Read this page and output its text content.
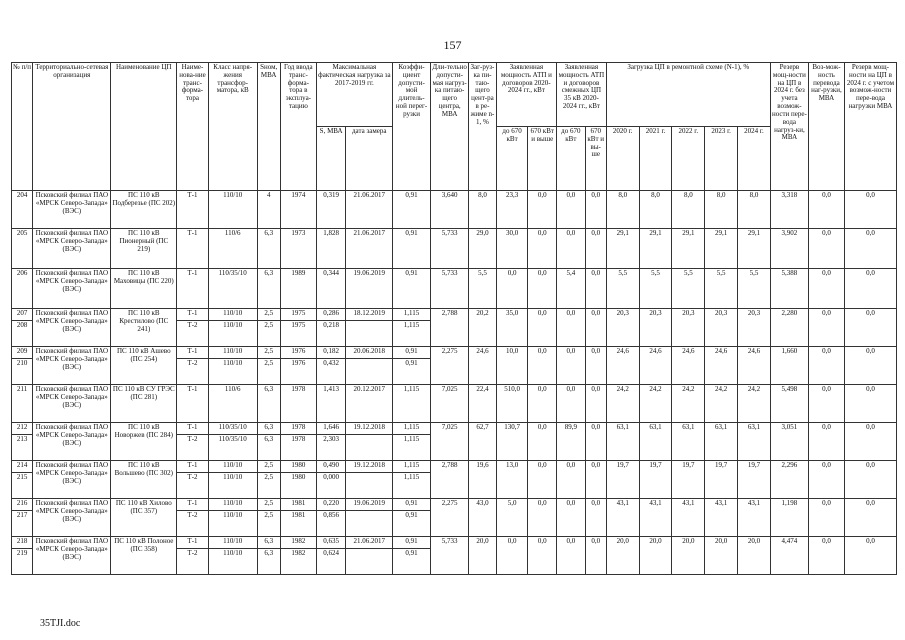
157
№ п/п	Территориально-сетевая организация	Наименование ЦП	Наиме-нова-ние транс-форма-тора	Класс напря-жения трансфор-матора, кВ	Sном, МВА	Год ввода транс-форма-тора в эксплуа-тацию	Максимальная фактическая нагрузка за 2017-2019 гг.		Коэффи-циент допусти-мой длитель-ной перег-рузки	Дли-тельно допусти-мая нагруз-ка питаю-щего центра, МВА	Заг-руз-ка пи-таю-щего цент-ра в ре-жиме n-1, %	Заявленная мощность АТП и договоров 2020-2024 гг., кВт		Заявленная мощность АТП и договоров смежных ЦП 35 кВ 2020-2024 гг., кВт		Загрузка ЦП в ремонтной схеме (N-1), %					Резерв мощ-ности на ЦП в 2024 г. без учета возмож-ности пере-вода нагруз-ки, МВА	Воз-мож-ность перевода наг-рузки, МВА	Резерв мощ-ности на ЦП в 2024 г. с учетом возмож-ности пере-вода нагрузки МВА
							S, МВА	дата замера				до 670 кВт	670 кВт и выше	до 670 кВт	670 кВт и вы-ше	2020 г.	2021 г.	2022 г.	2023 г.	2024 г.			
204	Псковский филиал ПАО «МРСК Северо-Запада» (ВЭС)	ПС 110 кВ Подберезье (ПС 202)	Т-1	110/10	4	1974	0,319	21.06.2017	0,91	3,640	8,0	23,3	0,0	0,0	0,0	8,0	8,0	8,0	8,0	8,0	3,318	0,0	0,0
205	Псковский филиал ПАО «МРСК Северо-Запада» (ВЭС)	ПС 110 кВ Пионерный (ПС 219)	Т-1	110/6	6,3	1973	1,828	21.06.2017	0,91	5,733	29,0	30,0	0,0	0,0	0,0	29,1	29,1	29,1	29,1	29,1	3,902	0,0	0,0
206	Псковский филиал ПАО «МРСК Северо-Запада» (ВЭС)	ПС 110 кВ Маховицы (ПС 220)	Т-1	110/35/10	6,3	1989	0,344	19.06.2019	0,91	5,733	5,5	0,0	0,0	5,4	0,0	5,5	5,5	5,5	5,5	5,5	5,388	0,0	0,0
207	Псковский филиал ПАО «МРСК Северо-Запада» (ВЭС)	ПС 110 кВ Крестилово (ПС 241)	Т-1	110/10	2,5	1975	0,286	18.12.2019	1,115	2,788	20,2	35,0	0,0	0,0	0,0	20,3	20,3	20,3	20,3	20,3	2,280	0,0	0,0
208			Т-2	110/10	2,5	1975	0,218		1,115														
209	Псковский филиал ПАО «МРСК Северо-Запада» (ВЭС)	ПС 110 кВ Ашево (ПС 254)	Т-1	110/10	2,5	1976	0,182	20.06.2018	0,91	2,275	24,6	10,0	0,0	0,0	0,0	24,6	24,6	24,6	24,6	24,6	1,660	0,0	0,0
210			Т-2	110/10	2,5	1976	0,432		0,91														
211	Псковский филиал ПАО «МРСК Северо-Запада» (ВЭС)	ПС 110 кВ СУ ГРЭС (ПС 281)	Т-1	110/6	6,3	1978	1,413	20.12.2017	1,115	7,025	22,4	510,0	0,0	0,0	0,0	24,2	24,2	24,2	24,2	24,2	5,498	0,0	0,0
212	Псковский филиал ПАО «МРСК Северо-Запада» (ВЭС)	ПС 110 кВ Новоржев (ПС 284)	Т-1	110/35/10	6,3	1978	1,646	19.12.2018	1,115	7,025	62,7	130,7	0,0	89,9	0,0	63,1	63,1	63,1	63,1	63,1	3,051	0,0	0,0
213			Т-2	110/35/10	6,3	1978	2,303		1,115														
214	Псковский филиал ПАО «МРСК Северо-Запада» (ВЭС)	ПС 110 кВ Вольшево (ПС 302)	Т-1	110/10	2,5	1980	0,490	19.12.2018	1,115	2,788	19,6	13,0	0,0	0,0	0,0	19,7	19,7	19,7	19,7	19,7	2,296	0,0	0,0
215			Т-2	110/10	2,5	1980	0,000		1,115														
216	Псковский филиал ПАО «МРСК Северо-Запада» (ВЭС)	ПС 110 кВ Хилово (ПС 357)	Т-1	110/10	2,5	1981	0,220	19.06.2019	0,91	2,275	43,0	5,0	0,0	0,0	0,0	43,1	43,1	43,1	43,1	43,1	1,198	0,0	0,0
217			Т-2	110/10	2,5	1981	0,856		0,91														
218	Псковский филиал ПАО «МРСК Северо-Запада» (ВЭС)	ПС 110 кВ Полоное (ПС 358)	Т-1	110/10	6,3	1982	0,635	21.06.2017	0,91	5,733	20,0	0,0	0,0	0,0	0,0	20,0	20,0	20,0	20,0	20,0	4,474	0,0	0,0
219			Т-2	110/10	6,3	1982	0,624		0,91														
35TJI.doc
